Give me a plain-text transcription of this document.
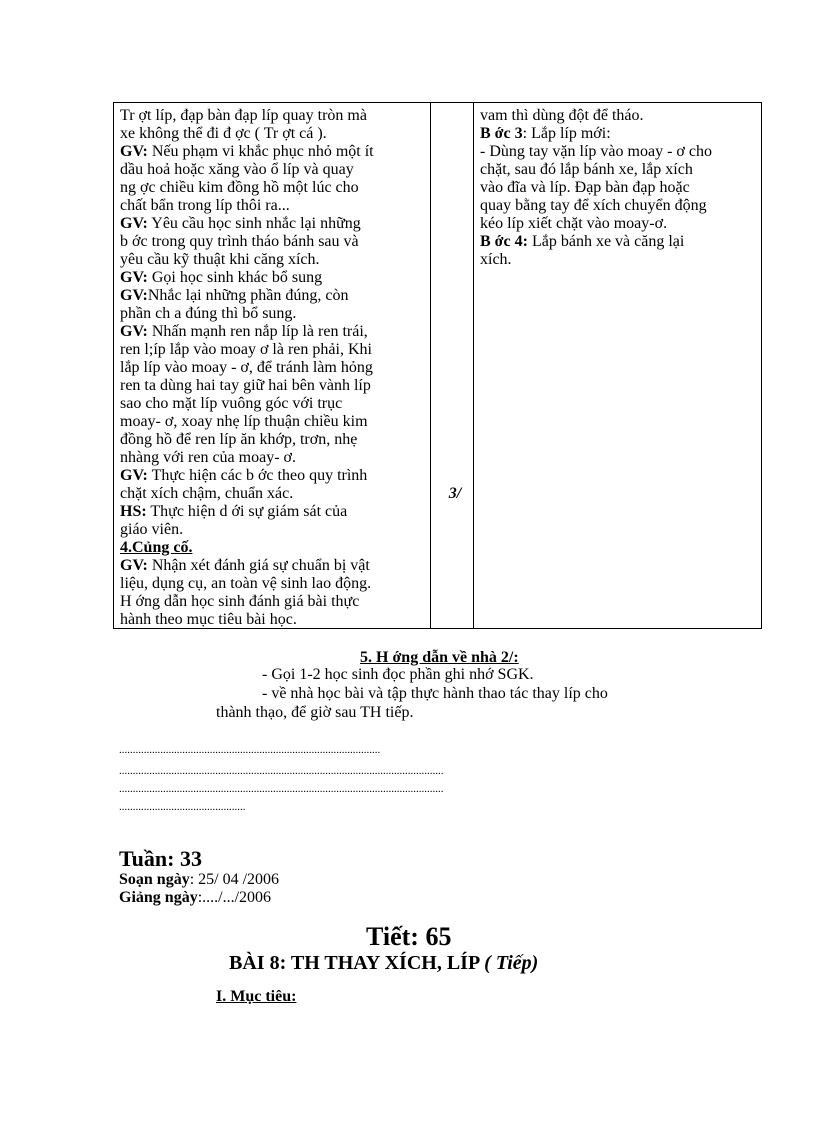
Tr ợt líp, đạp bàn đạp líp quay tròn mà
xe không thể đi đ ợc ( Tr ợt cá ).
GV: Nếu phạm vi khắc phục nhỏ một ít
dầu hoả hoặc xăng vào ổ líp và quay
ng ợc chiều kim đồng hồ một lúc cho
chất bẩn trong líp thôi ra...
GV: Yêu cầu học sinh nhắc lại những
b ớc trong quy trình tháo bánh sau và
yêu cầu kỹ thuật khi căng xích.
GV: Gọi học sinh khác bổ sung
GV:Nhắc lại những phần đúng, còn
phần ch a đúng thì bổ sung.
GV: Nhấn mạnh ren nắp líp là ren trái,
ren l;íp lắp vào moay ơ là ren phải, Khi
lắp líp vào moay - ơ, để tránh làm hỏng
ren ta dùng hai tay giữ hai bên vành líp
sao cho mặt líp vuông góc với trục
moay- ơ, xoay nhẹ líp thuận chiều kim
đồng hồ để ren líp ăn khớp, trơn, nhẹ
nhàng với ren của moay- ơ.
GV: Thực hiện các b ớc theo quy trình
chặt xích chậm, chuẩn xác.
HS: Thực hiện d ới sự giám sát của
giáo viên.
4.Củng cố.
GV: Nhận xét đánh giá sự chuẩn bị vật
liệu, dụng cụ, an toàn vệ sinh lao động.
H ớng dẫn học sinh đánh giá bài thực
hành theo mục tiêu bài học.
3/
vam thì dùng đột để tháo.
B ớc 3: Lắp líp mới:
- Dùng tay vặn líp vào moay - ơ cho
chặt, sau đó lắp bánh xe, lắp xích
vào đĩa và líp. Đạp bàn đạp hoặc
quay bằng tay để xích chuyển động
kéo líp xiết chặt vào moay-ơ.
B ớc 4: Lắp bánh xe và căng lại
xích.
5. H ớng dẫn về nhà 2/:
- Gọi 1-2 học sinh đọc phần ghi nhớ SGK.
- về nhà học bài và tập thực hành thao tác thay líp cho
thành thạo, để giờ sau TH tiếp.
...............................................................................................
......................................................................................................................
......................................................................................................................
..............................................
Tuần: 33
Soạn ngày: 25/ 04 /2006
Giảng ngày:..../.../2006
Tiết: 65
BÀI 8: TH THAY XÍCH, LÍP ( Tiếp)
I. Mục tiêu:
